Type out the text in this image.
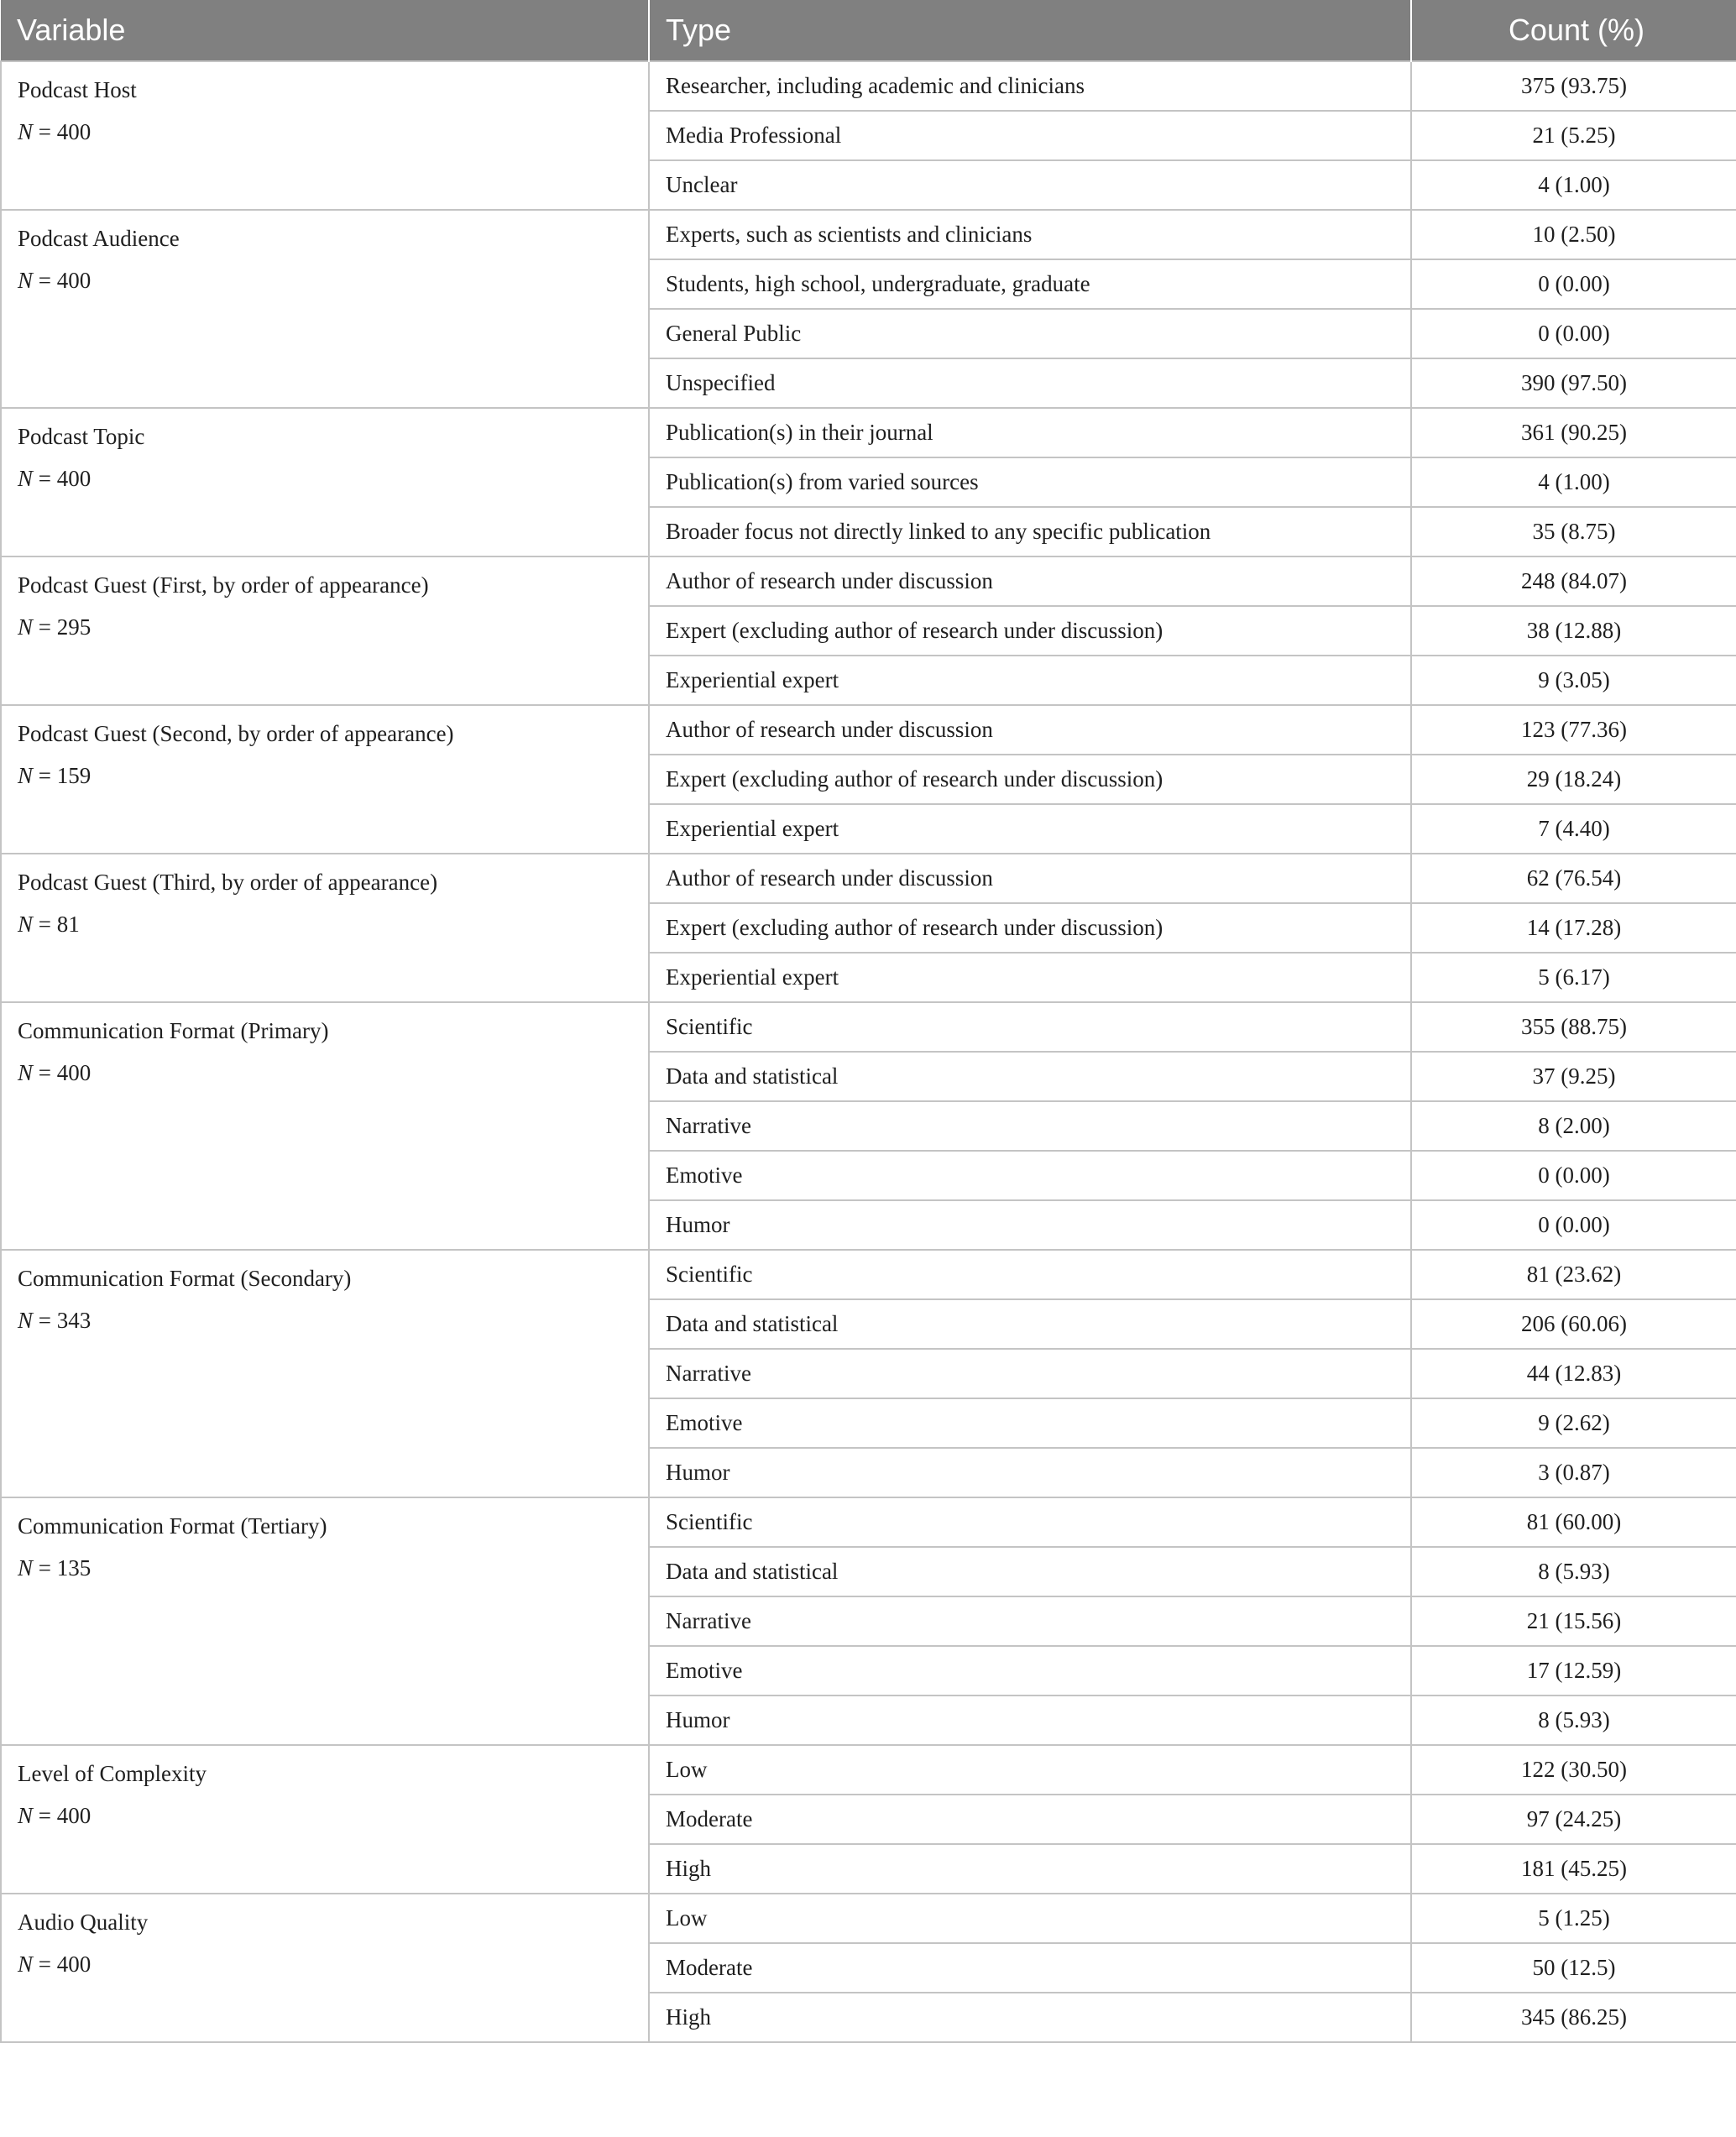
Variable	Type	Count (%)

Podcast Host
N = 400	Researcher, including academic and clinicians	375 (93.75)
	Media Professional	21 (5.25)
	Unclear	4 (1.00)

Podcast Audience
N = 400	Experts, such as scientists and clinicians	10 (2.50)
	Students, high school, undergraduate, graduate	0 (0.00)
	General Public	0 (0.00)
	Unspecified	390 (97.50)

Podcast Topic
N = 400	Publication(s) in their journal	361 (90.25)
	Publication(s) from varied sources	4 (1.00)
	Broader focus not directly linked to any specific publication	35 (8.75)

Podcast Guest (First, by order of appearance)
N = 295	Author of research under discussion	248 (84.07)
	Expert (excluding author of research under discussion)	38 (12.88)
	Experiential expert	9 (3.05)

Podcast Guest (Second, by order of appearance)
N = 159	Author of research under discussion	123 (77.36)
	Expert (excluding author of research under discussion)	29 (18.24)
	Experiential expert	7 (4.40)

Podcast Guest (Third, by order of appearance)
N = 81	Author of research under discussion	62 (76.54)
	Expert (excluding author of research under discussion)	14 (17.28)
	Experiential expert	5 (6.17)

Communication Format (Primary)
N = 400	Scientific	355 (88.75)
	Data and statistical	37 (9.25)
	Narrative	8 (2.00)
	Emotive	0 (0.00)
	Humor	0 (0.00)

Communication Format (Secondary)
N = 343	Scientific	81 (23.62)
	Data and statistical	206 (60.06)
	Narrative	44 (12.83)
	Emotive	9 (2.62)
	Humor	3 (0.87)

Communication Format (Tertiary)
N = 135	Scientific	81 (60.00)
	Data and statistical	8 (5.93)
	Narrative	21 (15.56)
	Emotive	17 (12.59)
	Humor	8 (5.93)

Level of Complexity
N = 400	Low	122 (30.50)
	Moderate	97 (24.25)
	High	181 (45.25)

Audio Quality
N = 400	Low	5 (1.25)
	Moderate	50 (12.5)
	High	345 (86.25)
